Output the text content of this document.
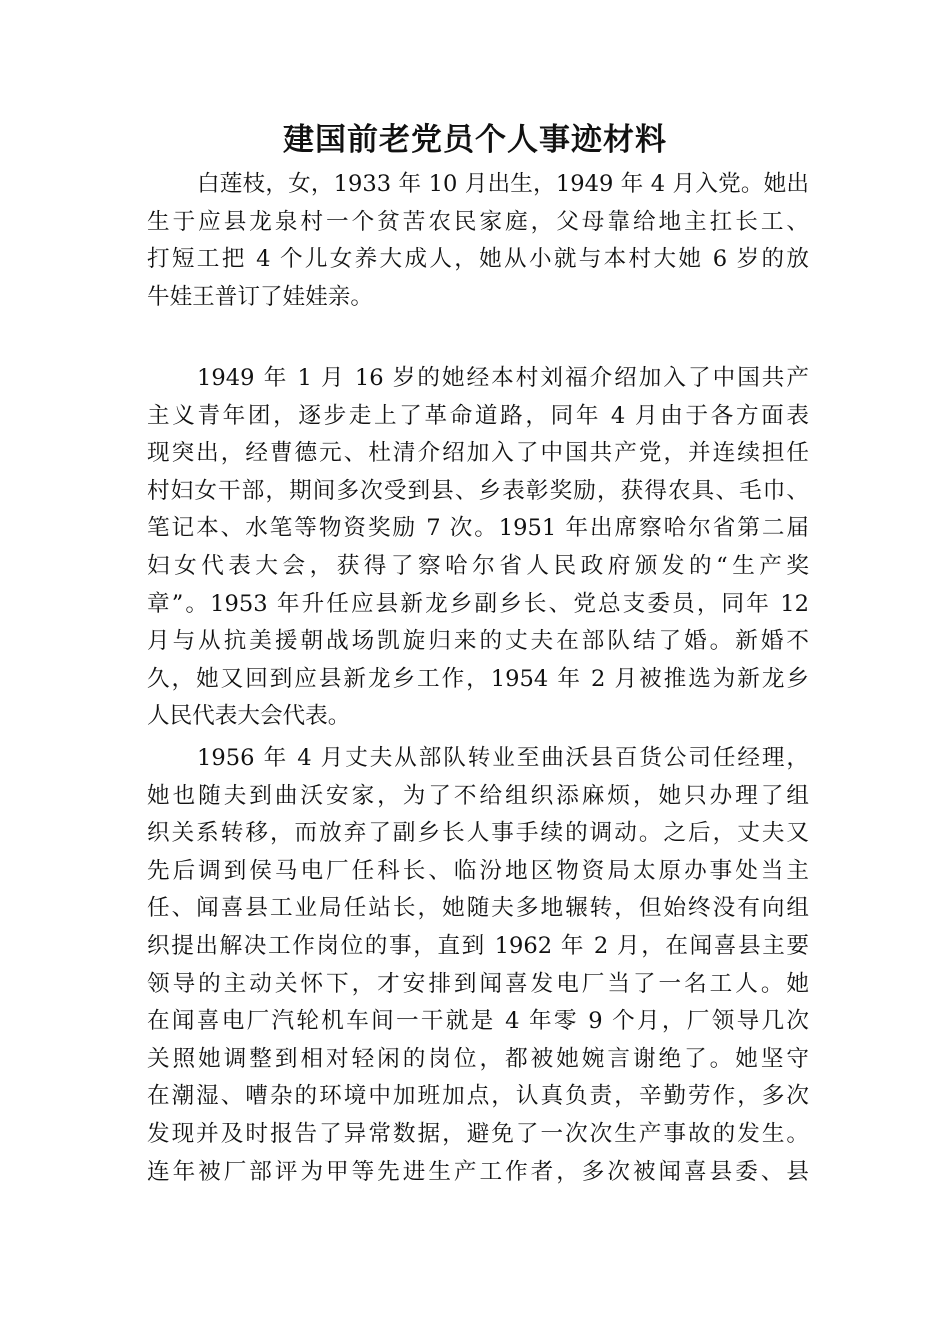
建国前老党员个人事迹材料
白莲枝，女，1933 年 10 月出生，1949 年 4 月入党。她出
生于应县龙泉村一个贫苦农民家庭，父母靠给地主扛长工、
打短工把 4 个儿女养大成人，她从小就与本村大她 6 岁的放
牛娃王普订了娃娃亲。
1949 年 1 月 16 岁的她经本村刘福介绍加入了中国共产
主义青年团，逐步走上了革命道路，同年 4 月由于各方面表
现突出，经曹德元、杜清介绍加入了中国共产党，并连续担任
村妇女干部，期间多次受到县、乡表彰奖励，获得农具、毛巾、
笔记本、水笔等物资奖励 7 次。1951 年出席察哈尔省第二届
妇女代表大会，获得了察哈尔省人民政府颁发的“生产奖
章”。1953 年升任应县新龙乡副乡长、党总支委员，同年 12
月与从抗美援朝战场凯旋归来的丈夫在部队结了婚。新婚不
久，她又回到应县新龙乡工作，1954 年 2 月被推选为新龙乡
人民代表大会代表。
1956 年 4 月丈夫从部队转业至曲沃县百货公司任经理，
她也随夫到曲沃安家，为了不给组织添麻烦，她只办理了组
织关系转移，而放弃了副乡长人事手续的调动。之后，丈夫又
先后调到侯马电厂任科长、临汾地区物资局太原办事处当主
任、闻喜县工业局任站长，她随夫多地辗转，但始终没有向组
织提出解决工作岗位的事，直到 1962 年 2 月，在闻喜县主要
领导的主动关怀下，才安排到闻喜发电厂当了一名工人。她
在闻喜电厂汽轮机车间一干就是 4 年零 9 个月，厂领导几次
关照她调整到相对轻闲的岗位，都被她婉言谢绝了。她坚守
在潮湿、嘈杂的环境中加班加点，认真负责，辛勤劳作，多次
发现并及时报告了异常数据，避免了一次次生产事故的发生。
连年被厂部评为甲等先进生产工作者，多次被闻喜县委、县
